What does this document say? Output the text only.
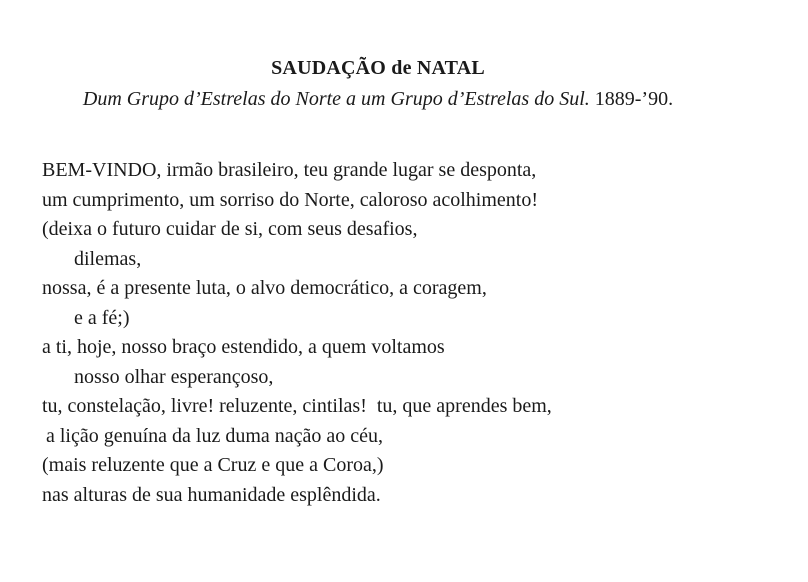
SAUDAÇÃO de NATAL
Dum Grupo d’Estrelas do Norte a um Grupo d’Estrelas do Sul. 1889-’90.
BEM-VINDO, irmão brasileiro, teu grande lugar se desponta,
um cumprimento, um sorriso do Norte, caloroso acolhimento!
(deixa o futuro cuidar de si, com seus desafios,
dilemas,
nossa, é a presente luta, o alvo democrático, a coragem,
e a fé;)
a ti, hoje, nosso braço estendido, a quem voltamos
nosso olhar esperançoso,
tu, constelação, livre! reluzente, cintilas!  tu, que aprendes bem,
a lição genuína da luz duma nação ao céu,
(mais reluzente que a Cruz e que a Coroa,)
nas alturas de sua humanidade esplêndida.
